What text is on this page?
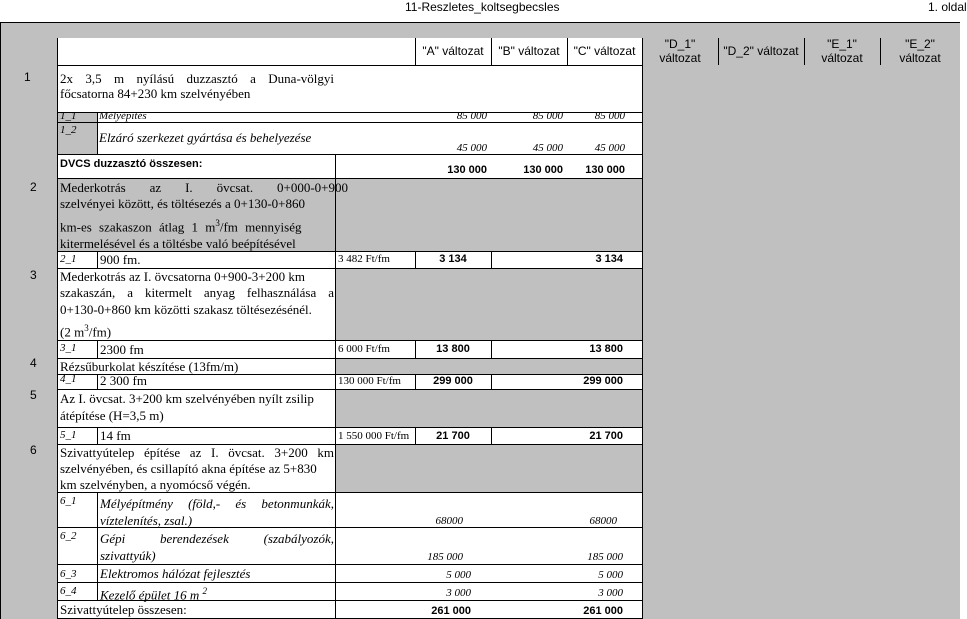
11-Reszletes_koltsegbecsles	1. oldal
"A" változat	"B" változat	"C" változat	"D_1"
változat	"D_2" változat	"E_1"
változat
"E_2"
változat
1 2x 3,5 m nyílású duzzasztó a Duna-völgyi
főcsatorna 84+230 km szelvényében
1_1 Mélyépítés	85 000	85 000	85 000
1_2 Elzáró szerkezet gyártása és behelyezése
45 000	45 000	45 000
DVCS duzzasztó összesen:	130 000	130 000	130 000
2 Mederkotrás az I. övcsat. 0+000-0+900
szelvényei között, és töltésezés a 0+130-0+860
km-es szakaszon átlag 1 $m^3/fm$ mennyiség
kitermelésével és a töltésbe való beépítésével
2_1 900 fm.	3 482 Ft/fm	3 134	3 134
3 Mederkotrás az I. övcsatorna 0+900-3+200 km
szakaszán, a kitermelt anyag felhasználása a
0+130-0+860 km közötti szakasz töltésezésénél.
(2 $m^3/fm$)
3_1 2300 fm	6 000 Ft/fm	13 800	13 800
4 Rézsűburkolat készítése (13fm/m)
4_1 2 300 fm	130 000 Ft/fm	299 000	299 000
5 Az I. övcsat. 3+200 km szelvényében nyílt zsilip
átépítése (H=3,5 m)
5_1 14 fm	1 550 000 Ft/fm	21 700	21 700
6 Szivattyútelep építése az I. övcsat. 3+200 km
szelvényében, és csillapító akna építése az 5+830
km szelvényben, a nyomócső végén.
6_1 Mélyépítmény (föld,- és betonmunkák,
víztelenítés, zsal.)	68000	68000
6_2 Gépi berendezések (szabályozók,
szivattyúk)	185 000	185 000
6_3 Elektromos hálózat fejlesztés	5 000	5 000
6_4 Kezelő épület 16 m $^2$	3 000	3 000
Szivattyútelep összesen:	261 000	261 000
